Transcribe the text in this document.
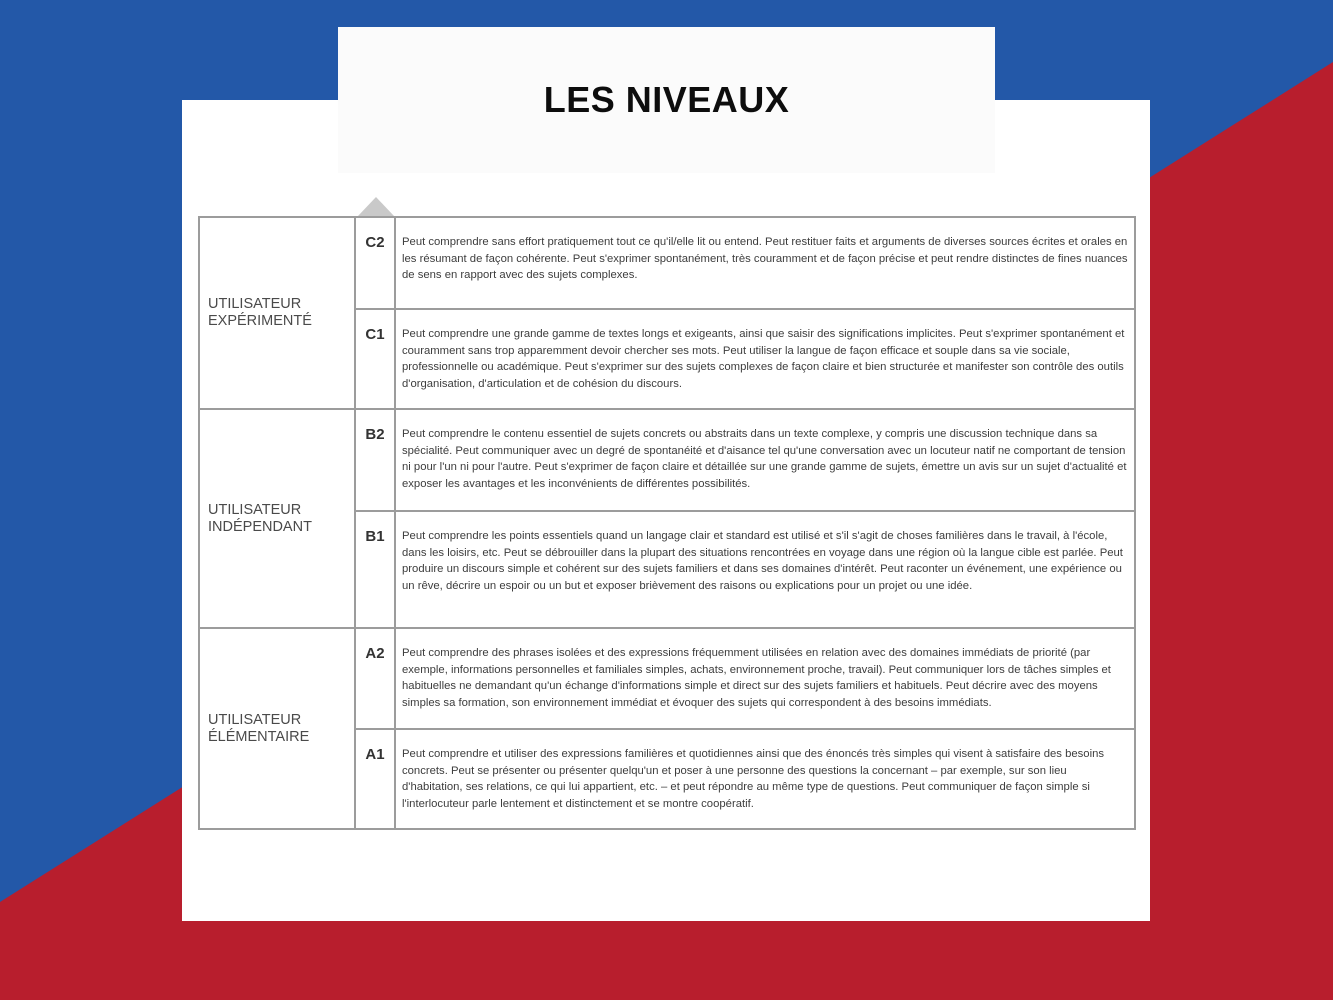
LES NIVEAUX
UTILISATEUR EXPÉRIMENTÉ	C2	Peut comprendre sans effort pratiquement tout ce qu'il/elle lit ou entend. Peut restituer faits et arguments de diverses sources écrites et orales en les résumant de façon cohérente. Peut s'exprimer spontanément, très couramment et de façon précise et peut rendre distinctes de fines nuances de sens en rapport avec des sujets complexes.
	C1	Peut comprendre une grande gamme de textes longs et exigeants, ainsi que saisir des significations implicites. Peut s'exprimer spontanément et couramment sans trop apparemment devoir chercher ses mots. Peut utiliser la langue de façon efficace et souple dans sa vie sociale, professionnelle ou académique. Peut s'exprimer sur des sujets complexes de façon claire et bien structurée et manifester son contrôle des outils d'organisation, d'articulation et de cohésion du discours.
UTILISATEUR INDÉPENDANT	B2	Peut comprendre le contenu essentiel de sujets concrets ou abstraits dans un texte complexe, y compris une discussion technique dans sa spécialité. Peut communiquer avec un degré de spontanéité et d'aisance tel qu'une conversation avec un locuteur natif ne comportant de tension ni pour l'un ni pour l'autre. Peut s'exprimer de façon claire et détaillée sur une grande gamme de sujets, émettre un avis sur un sujet d'actualité et exposer les avantages et les inconvénients de différentes possibilités.
	B1	Peut comprendre les points essentiels quand un langage clair et standard est utilisé et s'il s'agit de choses familières dans le travail, à l'école, dans les loisirs, etc. Peut se débrouiller dans la plupart des situations rencontrées en voyage dans une région où la langue cible est parlée. Peut produire un discours simple et cohérent sur des sujets familiers et dans ses domaines d'intérêt. Peut raconter un événement, une expérience ou un rêve, décrire un espoir ou un but et exposer brièvement des raisons ou explications pour un projet ou une idée.
UTILISATEUR ÉLÉMENTAIRE	A2	Peut comprendre des phrases isolées et des expressions fréquemment utilisées en relation avec des domaines immédiats de priorité (par exemple, informations personnelles et familiales simples, achats, environnement proche, travail). Peut communiquer lors de tâches simples et habituelles ne demandant qu'un échange d'informations simple et direct sur des sujets familiers et habituels. Peut décrire avec des moyens simples sa formation, son environnement immédiat et évoquer des sujets qui correspondent à des besoins immédiats.
	A1	Peut comprendre et utiliser des expressions familières et quotidiennes ainsi que des énoncés très simples qui visent à satisfaire des besoins concrets. Peut se présenter ou présenter quelqu'un et poser à une personne des questions la concernant – par exemple, sur son lieu d'habitation, ses relations, ce qui lui appartient, etc. – et peut répondre au même type de questions. Peut communiquer de façon simple si l'interlocuteur parle lentement et distinctement et se montre coopératif.
